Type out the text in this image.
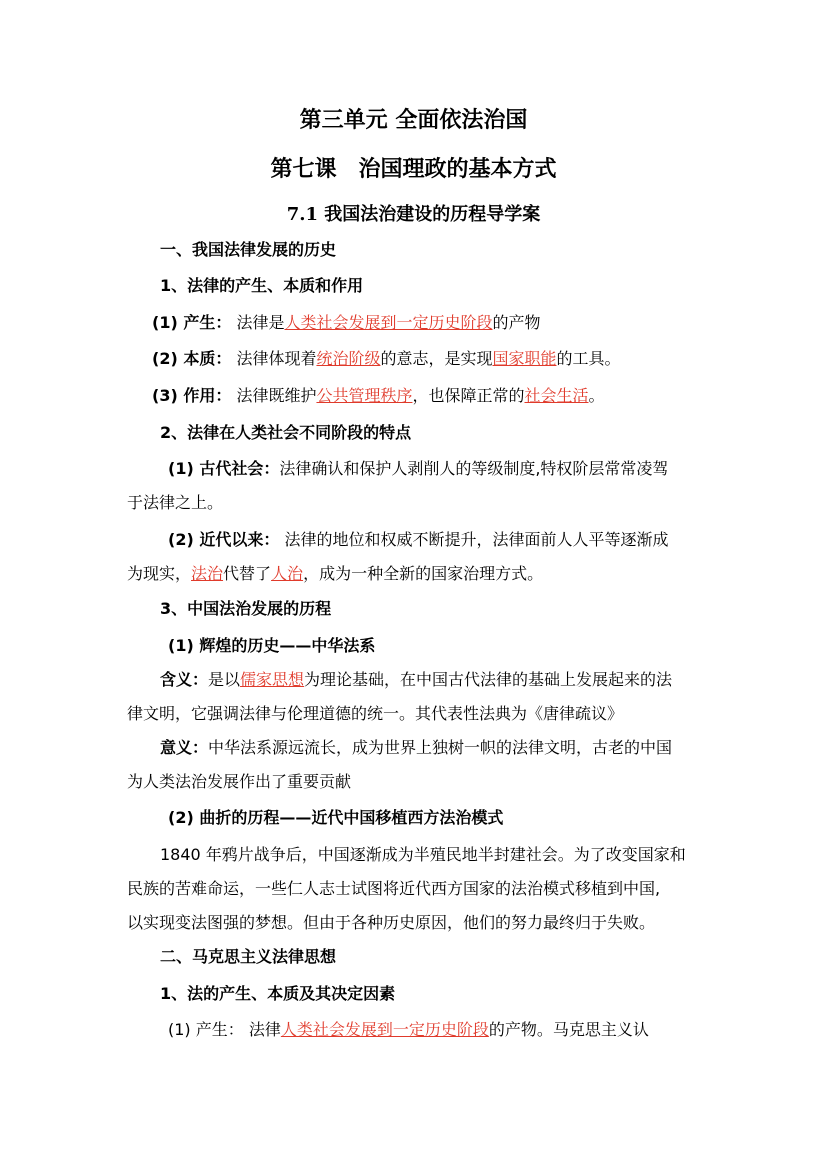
第三单元 全面依法治国
第七课　治国理政的基本方式
7.1 我国法治建设的历程导学案
一、我国法律发展的历史
1、法律的产生、本质和作用
(1) 产生： 法律是人类社会发展到一定历史阶段的产物
(2) 本质： 法律体现着统治阶级的意志，是实现国家职能的工具。
(3) 作用： 法律既维护公共管理秩序，也保障正常的社会生活。
2、法律在人类社会不同阶段的特点
(1) 古代社会：法律确认和保护人剥削人的等级制度,特权阶层常常凌驾
于法律之上。
(2) 近代以来： 法律的地位和权威不断提升，法律面前人人平等逐渐成
为现实，法治代替了人治，成为一种全新的国家治理方式。
3、中国法治发展的历程
(1) 辉煌的历史——中华法系
含义：是以儒家思想为理论基础，在中国古代法律的基础上发展起来的法
律文明，它强调法律与伦理道德的统一。其代表性法典为《唐律疏议》
意义：中华法系源远流长，成为世界上独树一帜的法律文明，古老的中国
为人类法治发展作出了重要贡献
(2) 曲折的历程——近代中国移植西方法治模式
1840 年鸦片战争后，中国逐渐成为半殖民地半封建社会。为了改变国家和
民族的苦难命运，一些仁人志士试图将近代西方国家的法治模式移植到中国,
以实现变法图强的梦想。但由于各种历史原因，他们的努力最终归于失败。
二、马克思主义法律思想
1、法的产生、本质及其决定因素
(1) 产生： 法律人类社会发展到一定历史阶段的产物。马克思主义认
